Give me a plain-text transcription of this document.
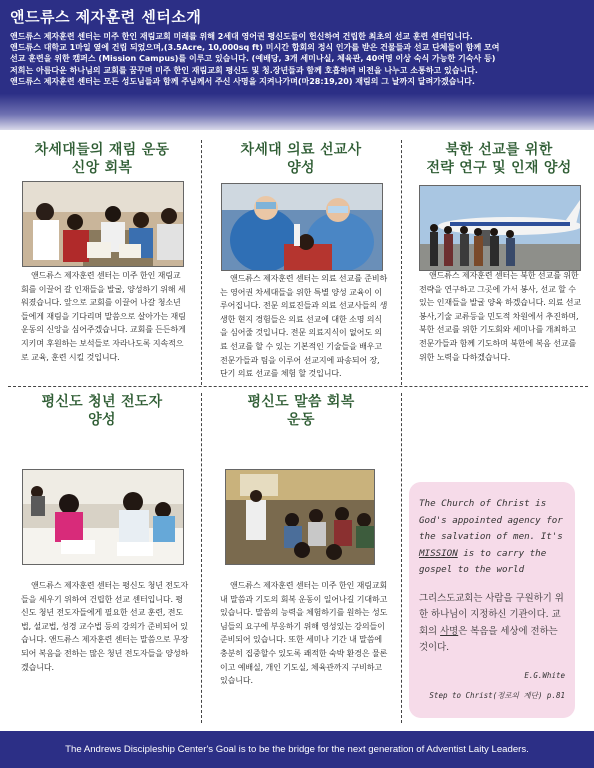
앤드류스 제자훈련 센터소개
앤드류스 제자훈련 센터는 미주 한인 재림교회 미래를 위해 2세대 영어권 평신도들이 헌신하여 건립한 최초의 선교 훈련 센터입니다.
앤드류스 대학교 1마일 옆에 건립 되었으며,(3.5Acre, 10,000sq ft) 미시간 합회의 정식 인가를 받은 건물들과 선교 단체들이 함께 모여
선교 훈련을 위한 캠퍼스 (Mission Campus)를 이루고 있습니다. (예배당, 3개 세미나실, 체육관, 40여명 이상 숙식 가능한 기숙사 등)
저희는 아름다운 하나님의 교회를 꿈꾸며 미주 한인 재림교회 평신도 및 청.장년들과 함께 호흡하며 비전을 나누고 소통하고 있습니다.
앤드류스 제자훈련 센터는 모든 성도님들과 함께 주님께서 주신 사명을 지켜나가며(마28:19,20) 재림의 그 날까지 달려가겠습니다.
차세대들의 재림 운동
신앙 회복

앤드류스 제자훈련 센터는 미주 한인 재림교회를 이끌어 갈 인재들을 발굴, 양성하기 위해 세워졌습니다. 앞으로 교회를 이끌어 나갈 청소년들에게 재림을 기다리며 말씀으로 살아가는 재림 운동의 신앙을 심어주겠습니다. 교회를 든든하게 지키며 후원하는 보석들로 자라나도록 지속적으로 교육, 훈련 시킬 것입니다.

차세대 의료 선교사
양성

앤드류스 제자훈련 센터는 의료 선교를 준비하는 영어권 차세대들을 위한 특별 양성 교육이 이루어집니다. 전문 의료진들과 의료 선교사들의 생생한 현지 경험들은 의료 선교에 대한 소명 의식을 심어줄 것입니다. 전문 의료지식이 없어도 의료 선교를 할 수 있는 기본적인 기술들을 배우고 전문가들과 팀을 이루어 선교지에 파송되어 장, 단기 의료 선교를 체험 할 것입니다.

북한 선교를 위한
전략 연구 및 인재 양성

앤드류스 제자훈련 센터는 북한 선교를 위한 전략을 연구하고 그곳에 가서 봉사, 선교 할 수 있는 인재들을 발굴 양육 하겠습니다. 의료 선교 봉사,기술 교류등을 민도적 차원에서 추진하며, 북한 선교를 위한 기도회와 세미나를 개최하고 전문가들과 함께 기도하며 북한에 복음 선교를 위한 노력을 다하겠습니다.

평신도 청년 전도자
양성

앤드류스 제자훈련 센터는 평신도 청년 전도자들을 세우기 위하여 건립한 선교 센터입니다. 평신도 청년 전도자들에게 필요한 선교 훈련, 전도법, 설교법, 성경 교수법 등의 강의가 준비되어 있습니다. 앤드류스 제자훈련 센터는 말씀으로 무장되어 복음을 전하는 많은 청년 전도자들을 양성하겠습니다.

평신도 말씀 회복
운동

앤드류스 제자훈련 센터는 미주 한인 재림교회 내 말씀과 기도의 회복 운동이 일어나길 기대하고 있습니다. 말씀의 능력을 체험하기를 원하는 성도님들의 요구에 부응하기 위해 영성있는 강의들이 준비되어 있습니다. 또한 세미나 기간 내 말씀에 충분히 집중할수 있도록 쾌적한 숙박 환경은 물론이고 예배실, 개인 기도실, 체육관까지 구비하고 있습니다.

The Church of Christ is God's appointed agency for the salvation of men. It's MISSION is to carry the gospel to the world

그리스도교회는 사람을 구원하기 위한 하나님이 지정하신 기관이다. 교회의 사명은 복음을 세상에 전하는 것이다.

E.G.White

Step to Christ(정로의 계단) p.81

The Andrews Discipleship Center's Goal is to be the bridge for the next generation of Adventist Laity Leaders.
